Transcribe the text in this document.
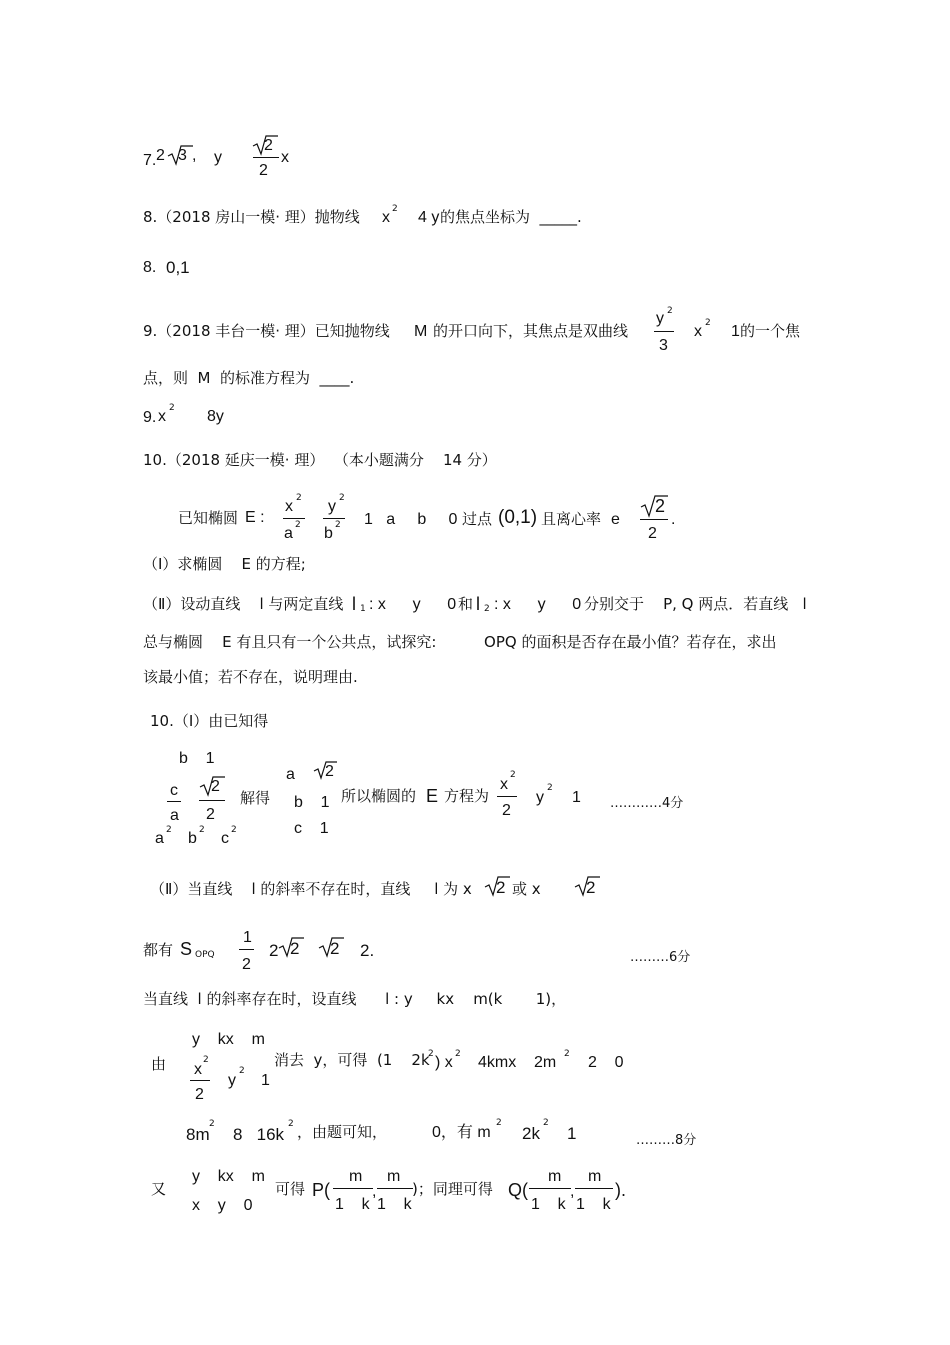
7. 2 3 , y
2
2
x
8.（2018 房山一模· 理）抛物线 x 2 4 y 的焦点坐标为  _____.
8. 0,1
9.（2018 丰台一模· 理）已知抛物线 M 的开口向下，其焦点是双曲线
y 2
3
x 2 1 的一个焦
点，则  M  的标准方程为  ____.
9. x 2 8y
10.（2018 延庆一模· 理）  （本小题满分    14 分）
已知椭圆 E :
x 2
a 2
y 2
b 2 1   a     b     0 过点 (0,1) 且离心率 e
2
2
.
（Ⅰ）求椭圆    E 的方程;
（Ⅱ）设动直线    l 与两定直线 l 1 : x      y      0 和 l 2 : x      y      0 分别交于    P, Q 两点．若直线   l
总与椭圆    E 有且只有一个公共点，试探究:          OPQ 的面积是否存在最小值？若存在，求出
该最小值；若不存在，说明理由.
10.（Ⅰ）由已知得
b    1
c
a
2
2
a 2 b 2 c 2
解得
a 2
b    1
c    1
所以椭圆的 E 方程为
x
2
2
y
2
1 …………4分
（Ⅱ）当直线    l 的斜率不存在时，直线     l 为 x 2 或 x	2
都有 S OPQ
1
2
2 2 2 2.	………6分
当直线  l 的斜率存在时，设直线      l : y     kx    m(k       1)，
由
y    kx    m
x
2
2
y
2
1
消去  y，可得  (1    2k
2 ) x 2 4kmx    2m 2 2    0
8m
2
8   16k
2 ，由题可知，	0，有 m
2
2k
2
1	………8分
又
y    kx    m
x    y    0
可得 P(
m
1    k
,
m
1    k
)；同理可得 Q(
m
1    k
,
m
1    k
).
